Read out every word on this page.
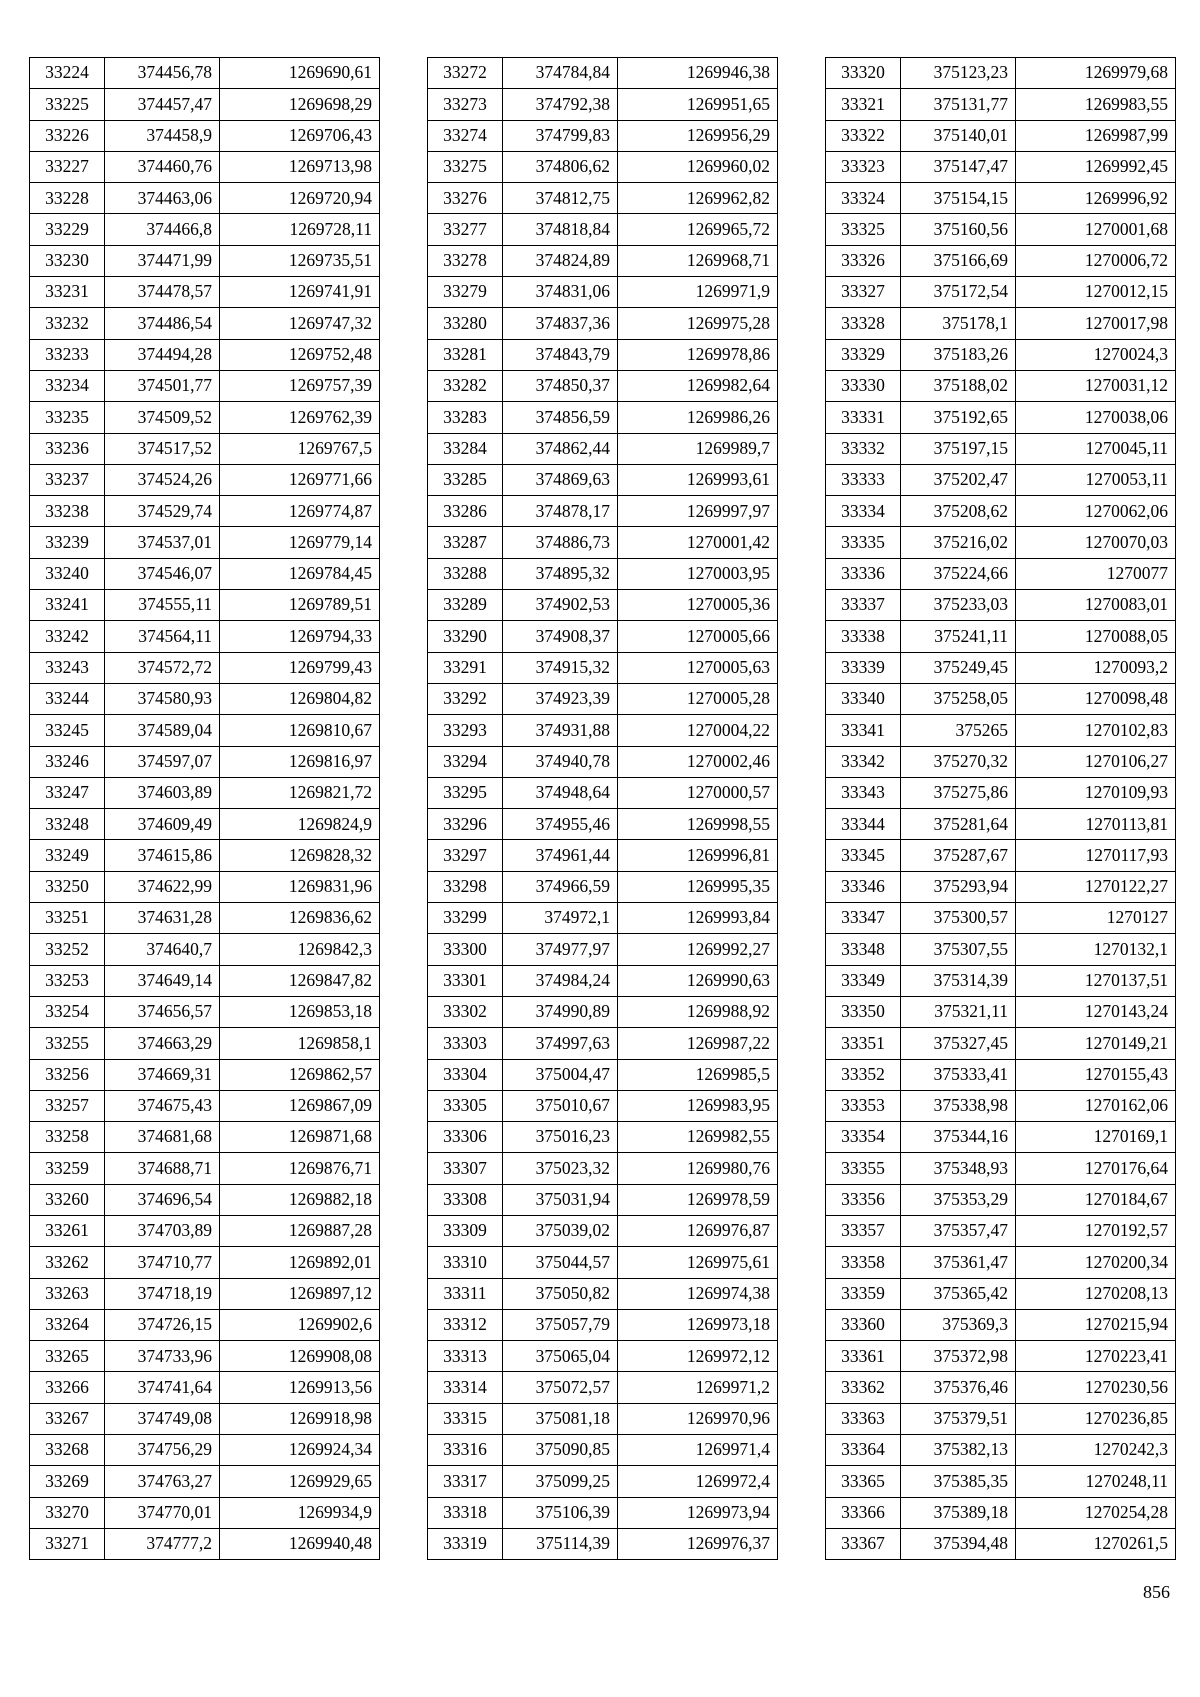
33224	374456,78	1269690,61
33225	374457,47	1269698,29
33226	374458,9	1269706,43
33227	374460,76	1269713,98
33228	374463,06	1269720,94
33229	374466,8	1269728,11
33230	374471,99	1269735,51
33231	374478,57	1269741,91
33232	374486,54	1269747,32
33233	374494,28	1269752,48
33234	374501,77	1269757,39
33235	374509,52	1269762,39
33236	374517,52	1269767,5
33237	374524,26	1269771,66
33238	374529,74	1269774,87
33239	374537,01	1269779,14
33240	374546,07	1269784,45
33241	374555,11	1269789,51
33242	374564,11	1269794,33
33243	374572,72	1269799,43
33244	374580,93	1269804,82
33245	374589,04	1269810,67
33246	374597,07	1269816,97
33247	374603,89	1269821,72
33248	374609,49	1269824,9
33249	374615,86	1269828,32
33250	374622,99	1269831,96
33251	374631,28	1269836,62
33252	374640,7	1269842,3
33253	374649,14	1269847,82
33254	374656,57	1269853,18
33255	374663,29	1269858,1
33256	374669,31	1269862,57
33257	374675,43	1269867,09
33258	374681,68	1269871,68
33259	374688,71	1269876,71
33260	374696,54	1269882,18
33261	374703,89	1269887,28
33262	374710,77	1269892,01
33263	374718,19	1269897,12
33264	374726,15	1269902,6
33265	374733,96	1269908,08
33266	374741,64	1269913,56
33267	374749,08	1269918,98
33268	374756,29	1269924,34
33269	374763,27	1269929,65
33270	374770,01	1269934,9
33271	374777,2	1269940,48
33272	374784,84	1269946,38
33273	374792,38	1269951,65
33274	374799,83	1269956,29
33275	374806,62	1269960,02
33276	374812,75	1269962,82
33277	374818,84	1269965,72
33278	374824,89	1269968,71
33279	374831,06	1269971,9
33280	374837,36	1269975,28
33281	374843,79	1269978,86
33282	374850,37	1269982,64
33283	374856,59	1269986,26
33284	374862,44	1269989,7
33285	374869,63	1269993,61
33286	374878,17	1269997,97
33287	374886,73	1270001,42
33288	374895,32	1270003,95
33289	374902,53	1270005,36
33290	374908,37	1270005,66
33291	374915,32	1270005,63
33292	374923,39	1270005,28
33293	374931,88	1270004,22
33294	374940,78	1270002,46
33295	374948,64	1270000,57
33296	374955,46	1269998,55
33297	374961,44	1269996,81
33298	374966,59	1269995,35
33299	374972,1	1269993,84
33300	374977,97	1269992,27
33301	374984,24	1269990,63
33302	374990,89	1269988,92
33303	374997,63	1269987,22
33304	375004,47	1269985,5
33305	375010,67	1269983,95
33306	375016,23	1269982,55
33307	375023,32	1269980,76
33308	375031,94	1269978,59
33309	375039,02	1269976,87
33310	375044,57	1269975,61
33311	375050,82	1269974,38
33312	375057,79	1269973,18
33313	375065,04	1269972,12
33314	375072,57	1269971,2
33315	375081,18	1269970,96
33316	375090,85	1269971,4
33317	375099,25	1269972,4
33318	375106,39	1269973,94
33319	375114,39	1269976,37
33320	375123,23	1269979,68
33321	375131,77	1269983,55
33322	375140,01	1269987,99
33323	375147,47	1269992,45
33324	375154,15	1269996,92
33325	375160,56	1270001,68
33326	375166,69	1270006,72
33327	375172,54	1270012,15
33328	375178,1	1270017,98
33329	375183,26	1270024,3
33330	375188,02	1270031,12
33331	375192,65	1270038,06
33332	375197,15	1270045,11
33333	375202,47	1270053,11
33334	375208,62	1270062,06
33335	375216,02	1270070,03
33336	375224,66	1270077
33337	375233,03	1270083,01
33338	375241,11	1270088,05
33339	375249,45	1270093,2
33340	375258,05	1270098,48
33341	375265	1270102,83
33342	375270,32	1270106,27
33343	375275,86	1270109,93
33344	375281,64	1270113,81
33345	375287,67	1270117,93
33346	375293,94	1270122,27
33347	375300,57	1270127
33348	375307,55	1270132,1
33349	375314,39	1270137,51
33350	375321,11	1270143,24
33351	375327,45	1270149,21
33352	375333,41	1270155,43
33353	375338,98	1270162,06
33354	375344,16	1270169,1
33355	375348,93	1270176,64
33356	375353,29	1270184,67
33357	375357,47	1270192,57
33358	375361,47	1270200,34
33359	375365,42	1270208,13
33360	375369,3	1270215,94
33361	375372,98	1270223,41
33362	375376,46	1270230,56
33363	375379,51	1270236,85
33364	375382,13	1270242,3
33365	375385,35	1270248,11
33366	375389,18	1270254,28
33367	375394,48	1270261,5
856
